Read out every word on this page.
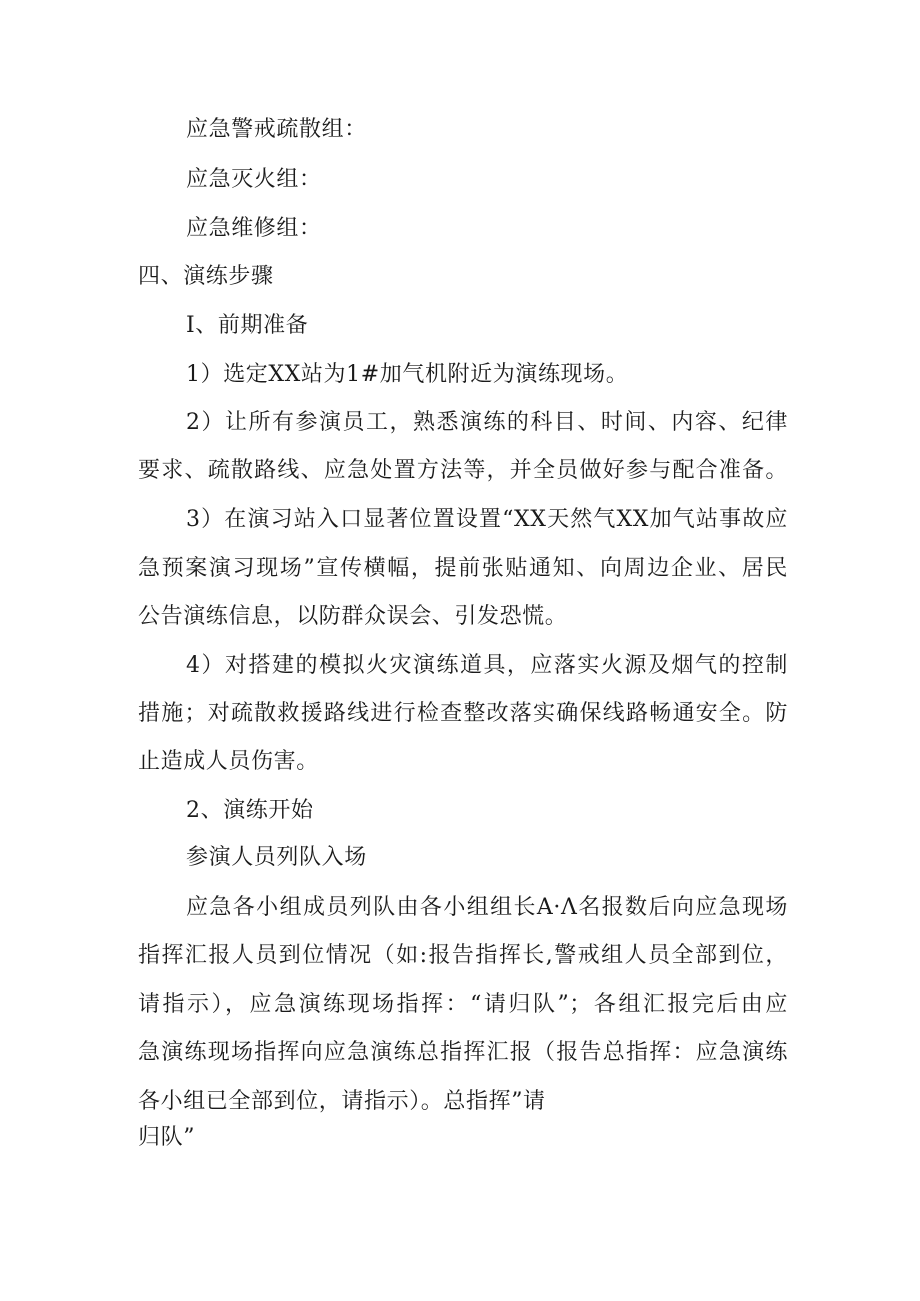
应急警戒疏散组：
应急灭火组：
应急维修组：
四、演练步骤
I、前期准备
1）选定XX站为1#加气机附近为演练现场。
2）让所有参演员工，熟悉演练的科目、时间、内容、纪律
要求、疏散路线、应急处置方法等，并全员做好参与配合准备。
3）在演习站入口显著位置设置“XX天然气XX加气站事故应
急预案演习现场”宣传横幅，提前张贴通知、向周边企业、居民
公告演练信息，以防群众误会、引发恐慌。
4）对搭建的模拟火灾演练道具，应落实火源及烟气的控制
措施；对疏散救援路线进行检查整改落实确保线路畅通安全。防
止造成人员伤害。
2、演练开始
参演人员列队入场
应急各小组成员列队由各小组组长A·Λ名报数后向应急现场
指挥汇报人员到位情况（如:报告指挥长,警戒组人员全部到位，
请指示），应急演练现场指挥：“请归队”；各组汇报完后由应
急演练现场指挥向应急演练总指挥汇报（报告总指挥：应急演练
各小组已全部到位，请指示）。总指挥”请
归队”
